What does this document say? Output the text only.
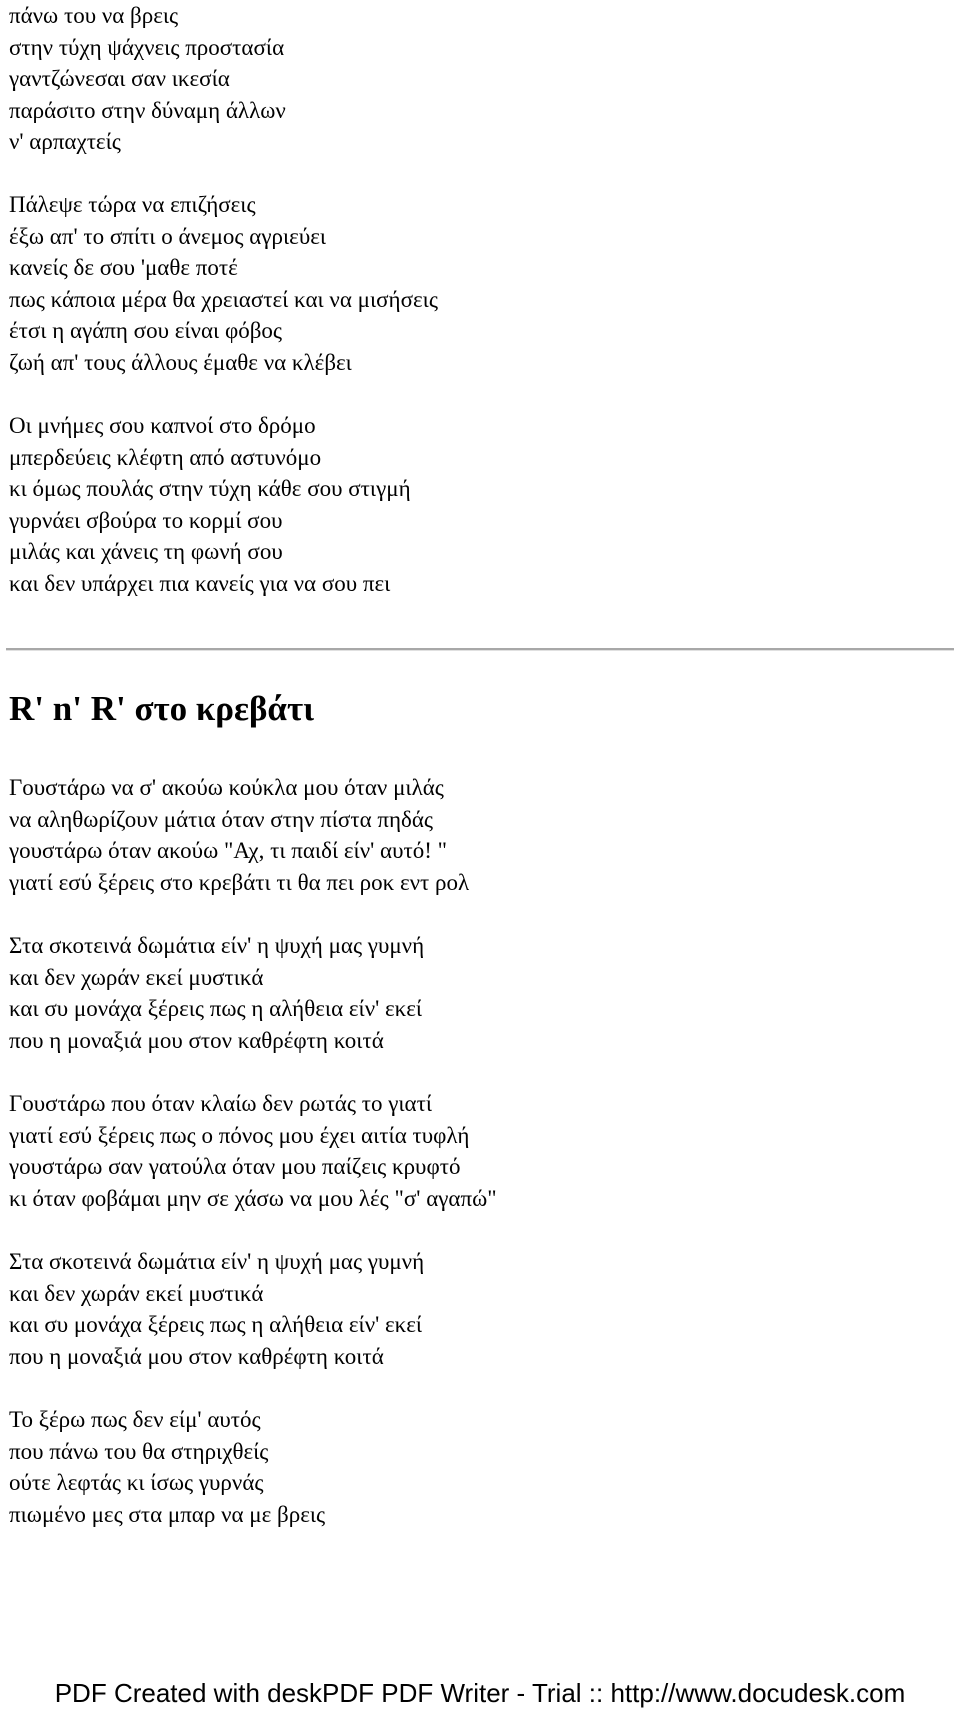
πάνω του να βρεις
στην τύχη ψάχνεις προστασία
γαντζώνεσαι σαν ικεσία
παράσιτο στην δύναμη άλλων
ν' αρπαχτείς
Πάλεψε τώρα να επιζήσεις
έξω απ' το σπίτι ο άνεμος αγριεύει
κανείς δε σου 'μαθε ποτέ
πως κάποια μέρα θα χρειαστεί και να μισήσεις
έτσι η αγάπη σου είναι φόβος
ζωή απ' τους άλλους έμαθε να κλέβει
Οι μνήμες σου καπνοί στο δρόμο
μπερδεύεις κλέφτη από αστυνόμο
κι όμως πουλάς στην τύχη κάθε σου στιγμή
γυρνάει σβούρα το κορμί σου
μιλάς και χάνεις τη φωνή σου
και δεν υπάρχει πια κανείς για να σου πει
R' n' R' στο κρεβάτι
Γουστάρω να σ' ακούω κούκλα μου όταν μιλάς
να αληθωρίζουν μάτια όταν στην πίστα πηδάς
γουστάρω όταν ακούω "Αχ, τι παιδί είν' αυτό! "
γιατί εσύ ξέρεις στο κρεβάτι τι θα πει ροκ εντ ρολ
Στα σκοτεινά δωμάτια είν' η ψυχή μας γυμνή
και δεν χωράν εκεί μυστικά
και συ μονάχα ξέρεις πως η αλήθεια είν' εκεί
που η μοναξιά μου στον καθρέφτη κοιτά
Γουστάρω που όταν κλαίω δεν ρωτάς το γιατί
γιατί εσύ ξέρεις πως ο πόνος μου έχει αιτία τυφλή
γουστάρω σαν γατούλα όταν μου παίζεις κρυφτό
κι όταν φοβάμαι μην σε χάσω να μου λές "σ' αγαπώ"
Στα σκοτεινά δωμάτια είν' η ψυχή μας γυμνή
και δεν χωράν εκεί μυστικά
και συ μονάχα ξέρεις πως η αλήθεια είν' εκεί
που η μοναξιά μου στον καθρέφτη κοιτά
Το ξέρω πως δεν είμ' αυτός
που πάνω του θα στηριχθείς
ούτε λεφτάς κι ίσως γυρνάς
πιωμένο μες στα μπαρ να με βρεις
PDF Created with deskPDF PDF Writer - Trial :: http://www.docudesk.com
